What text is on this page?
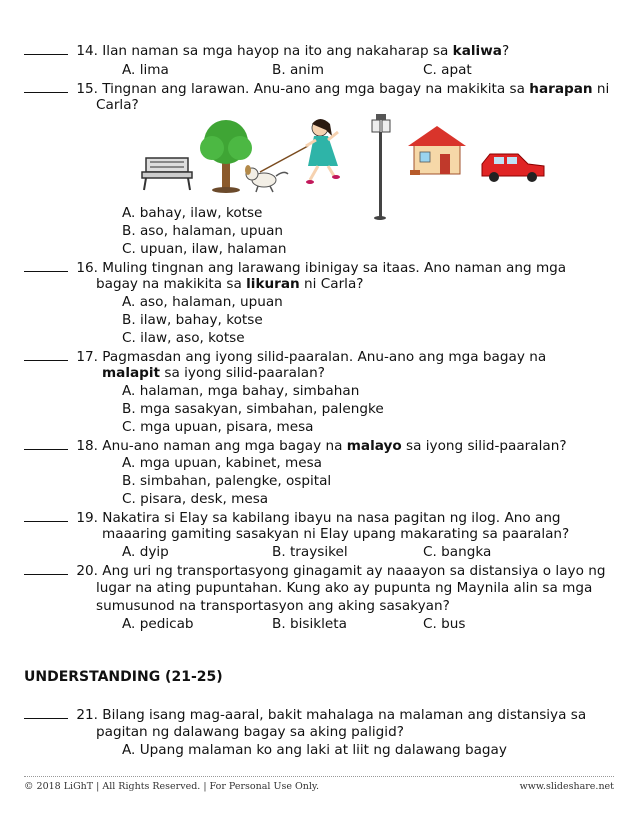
14. Ilan naman sa mga hayop na ito ang nakaharap sa kaliwa?
A. lima	B. anim	C. apat
15. Tingnan ang larawan. Anu-ano ang mga bagay na makikita sa harapan ni
Carla?
A. bahay, ilaw, kotse
B. aso, halaman, upuan
C. upuan, ilaw, halaman
16. Muling tingnan ang larawang ibinigay sa itaas. Ano naman ang mga
bagay na makikita sa likuran ni Carla?
A. aso, halaman, upuan
B. ilaw, bahay, kotse
C. ilaw, aso, kotse
17. Pagmasdan ang iyong silid-paaralan. Anu-ano ang mga bagay na
malapit sa iyong silid-paaralan?
A. halaman, mga bahay, simbahan
B. mga sasakyan, simbahan, palengke
C. mga upuan, pisara, mesa
18. Anu-ano naman ang mga bagay na malayo sa iyong silid-paaralan?
A. mga upuan, kabinet, mesa
B. simbahan, palengke, ospital
C. pisara, desk, mesa
19. Nakatira si Elay sa kabilang ibayu na nasa pagitan ng ilog. Ano ang
maaaring gamiting sasakyan ni Elay upang makarating sa paaralan?
A. dyip	B. traysikel	C. bangka
20. Ang uri ng transportasyong ginagamit ay naaayon sa distansiya o layo ng
lugar na ating pupuntahan. Kung ako ay pupunta ng Maynila alin sa mga
sumusunod na transportasyon ang aking sasakyan?
A. pedicab	B. bisikleta	C. bus
UNDERSTANDING (21-25)
21. Bilang isang mag-aaral, bakit mahalaga na malaman ang distansiya sa
pagitan ng dalawang bagay sa aking paligid?
A. Upang malaman ko ang laki at liit ng dalawang bagay
© 2018 LiGhT | All Rights Reserved. | For Personal Use Only.	www.slideshare.net
